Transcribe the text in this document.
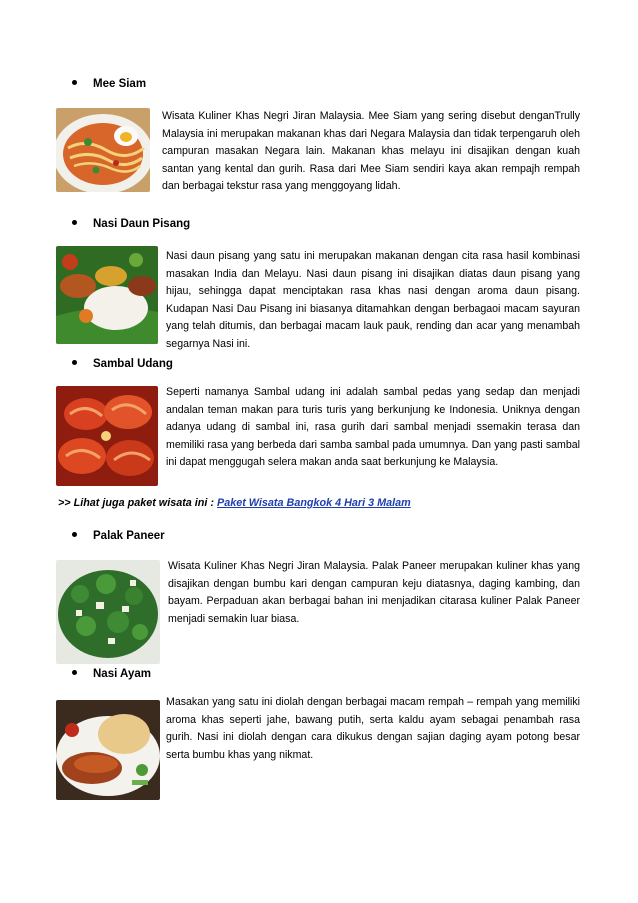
Mee Siam
Wisata Kuliner Khas Negri Jiran Malaysia. Mee Siam yang sering disebut denganTrully Malaysia ini merupakan makanan khas dari Negara Malaysia dan tidak terpengaruh oleh campuran masakan Negara lain. Makanan khas melayu ini disajikan dengan kuah santan yang kental dan gurih. Rasa dari Mee Siam sendiri kaya akan rempajh rempah dan berbagai tekstur rasa yang menggoyang lidah.
Nasi Daun Pisang
Nasi daun pisang yang satu ini merupakan makanan dengan cita rasa hasil kombinasi masakan India dan Melayu. Nasi daun pisang ini disajikan diatas daun pisang yang hijau, sehingga dapat menciptakan rasa khas nasi dengan aroma daun pisang. Kudapan Nasi Dau Pisang ini biasanya ditamahkan dengan berbagaoi macam sayuran yang telah ditumis, dan berbagai macam lauk pauk, rending dan acar yang menambah segarnya Nasi ini.
Sambal Udang
Seperti namanya Sambal udang ini adalah sambal pedas yang sedap dan menjadi andalan teman makan para turis turis yang berkunjung ke Indonesia. Uniknya dengan adanya udang di sambal ini, rasa gurih dari sambal menjadi ssemakin terasa dan memiliki rasa yang berbeda dari samba sambal pada umumnya. Dan yang pasti sambal ini dapat menggugah selera makan anda saat berkunjung ke Malaysia.
>> Lihat juga paket wisata ini : Paket Wisata Bangkok 4 Hari 3 Malam
Palak Paneer
Wisata Kuliner Khas Negri Jiran Malaysia. Palak Paneer merupakan kuliner khas yang disajikan dengan bumbu kari dengan campuran keju diatasnya, daging kambing, dan bayam. Perpaduan akan berbagai bahan ini menjadikan citarasa kuliner Palak Paneer menjadi semakin luar biasa.
Nasi Ayam
Masakan yang satu ini diolah dengan berbagai macam rempah – rempah yang memiliki aroma khas seperti jahe, bawang putih, serta kaldu ayam sebagai penambah rasa gurih. Nasi ini diolah dengan cara dikukus dengan sajian daging ayam potong besar serta bumbu khas yang nikmat.
